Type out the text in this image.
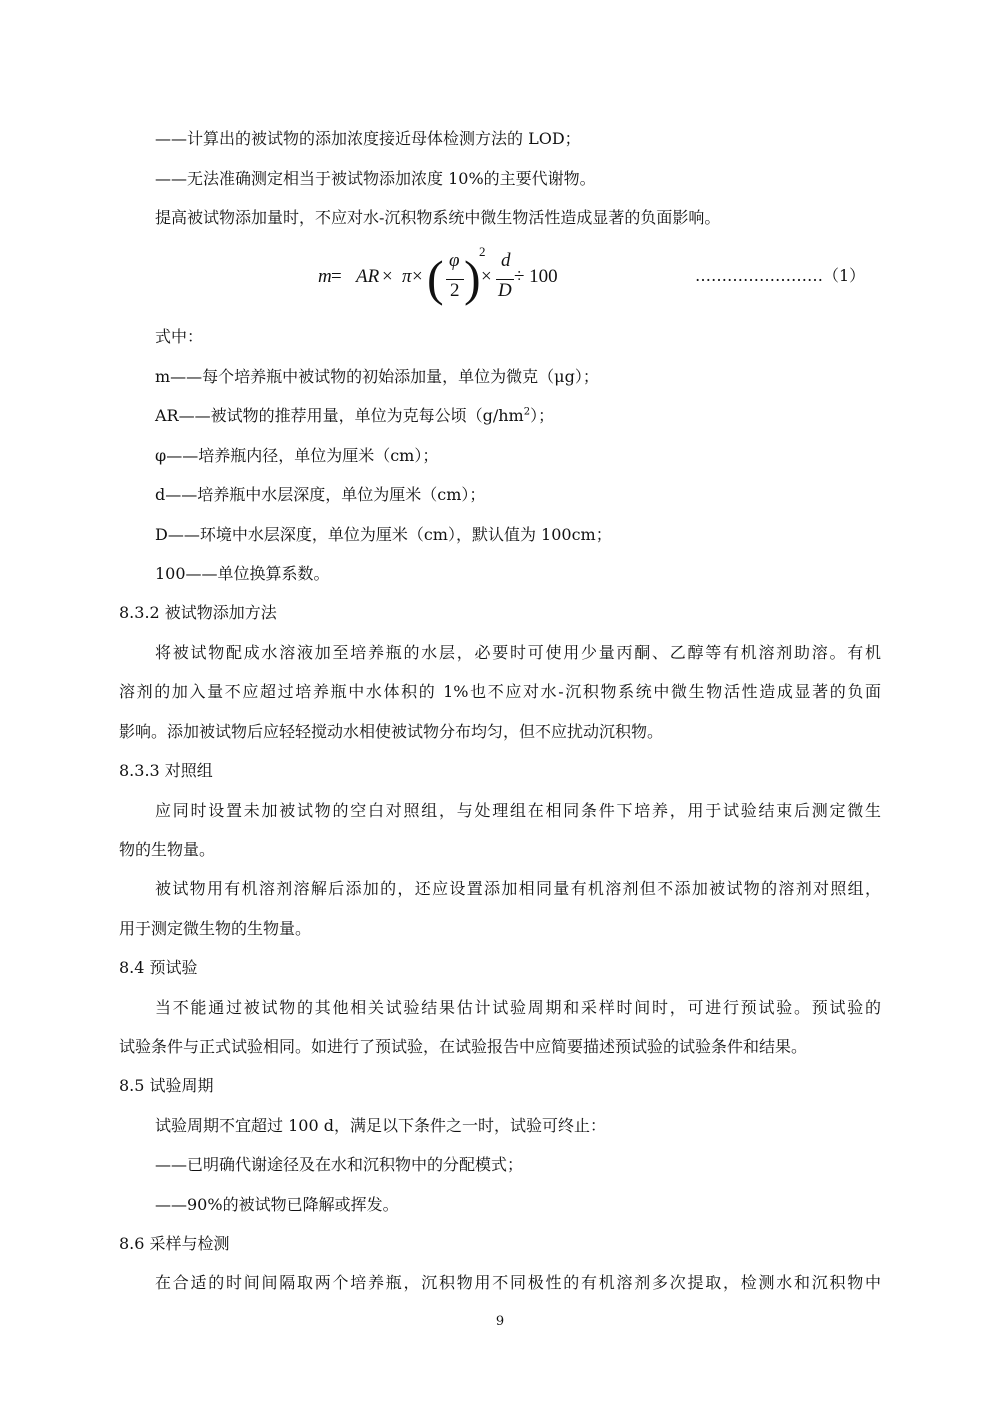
——计算出的被试物的添加浓度接近母体检测方法的 LOD；
——无法准确测定相当于被试物添加浓度 10%的主要代谢物。
提高被试物添加量时，不应对水-沉积物系统中微生物活性造成显著的负面影响。
m = AR × π × ( φ
2 )
2
×
d
D
÷ 100	……………………（1）
式中：
m——每个培养瓶中被试物的初始添加量，单位为微克（μg）；
AR——被试物的推荐用量，单位为克每公顷$(g/hm^2)$；
φ——培养瓶内径，单位为厘米（cm）；
d——培养瓶中水层深度，单位为厘米（cm）；
D——环境中水层深度，单位为厘米（cm），默认值为 100cm；
100——单位换算系数。
8.3.2 被试物添加方法
将被试物配成水溶液加至培养瓶的水层，必要时可使用少量丙酮、乙醇等有机溶剂助溶。有机
溶剂的加入量不应超过培养瓶中水体积的 1%也不应对水-沉积物系统中微生物活性造成显著的负面
影响。添加被试物后应轻轻搅动水相使被试物分布均匀，但不应扰动沉积物。
8.3.3 对照组
应同时设置未加被试物的空白对照组，与处理组在相同条件下培养，用于试验结束后测定微生
物的生物量。
被试物用有机溶剂溶解后添加的，还应设置添加相同量有机溶剂但不添加被试物的溶剂对照组，
用于测定微生物的生物量。
8.4 预试验
当不能通过被试物的其他相关试验结果估计试验周期和采样时间时，可进行预试验。预试验的
试验条件与正式试验相同。如进行了预试验，在试验报告中应简要描述预试验的试验条件和结果。
8.5 试验周期
试验周期不宜超过 100 d，满足以下条件之一时，试验可终止：
——已明确代谢途径及在水和沉积物中的分配模式；
——90%的被试物已降解或挥发。
8.6 采样与检测
在合适的时间间隔取两个培养瓶，沉积物用不同极性的有机溶剂多次提取，检测水和沉积物中
9
